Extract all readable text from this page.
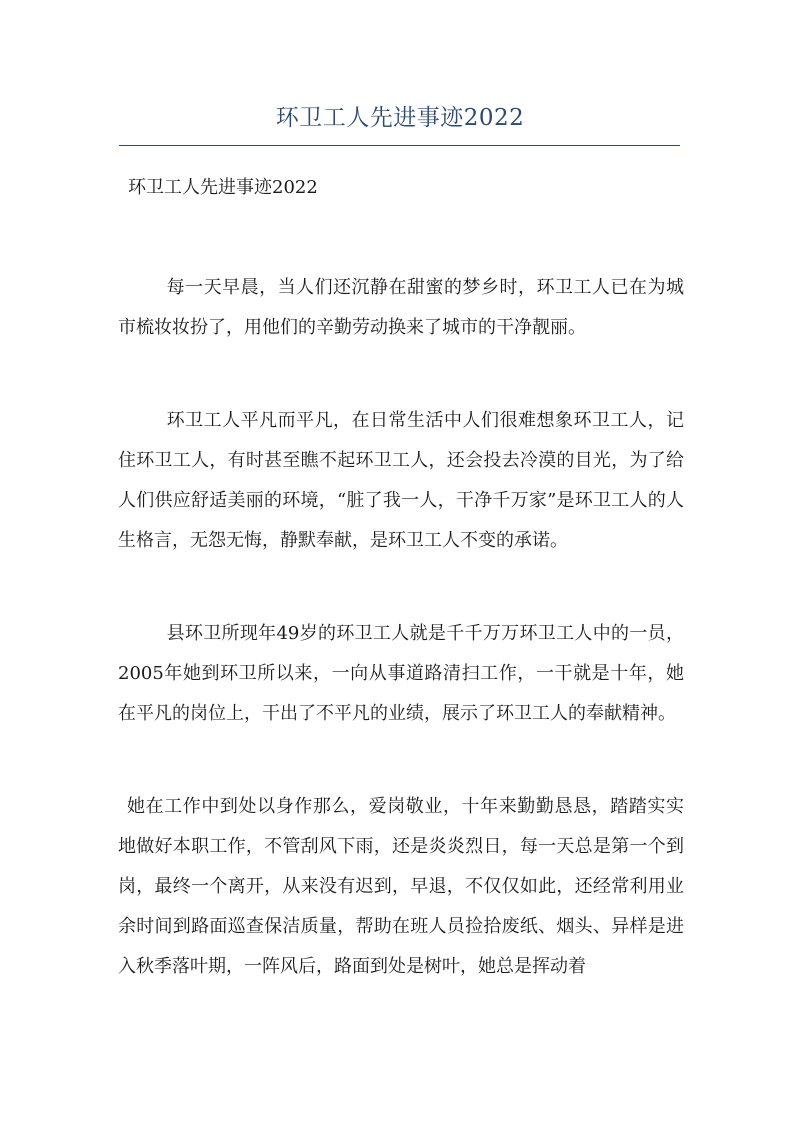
环卫工人先进事迹2022

环卫工人先进事迹2022

每一天早晨，当人们还沉静在甜蜜的梦乡时，环卫工人已在为城市梳妆妆扮了，用他们的辛勤劳动换来了城市的干净靓丽。

环卫工人平凡而平凡，在日常生活中人们很难想象环卫工人，记住环卫工人，有时甚至瞧不起环卫工人，还会投去冷漠的目光，为了给人们供应舒适美丽的环境，“脏了我一人，干净千万家”是环卫工人的人生格言，无怨无悔，静默奉献，是环卫工人不变的承诺。

县环卫所现年49岁的环卫工人就是千千万万环卫工人中的一员，2005年她到环卫所以来，一向从事道路清扫工作，一干就是十年，她在平凡的岗位上，干出了不平凡的业绩，展示了环卫工人的奉献精神。

她在工作中到处以身作那么，爱岗敬业，十年来勤勤恳恳，踏踏实实地做好本职工作，不管刮风下雨，还是炎炎烈日，每一天总是第一个到岗，最终一个离开，从来没有迟到，早退，不仅仅如此，还经常利用业余时间到路面巡查保洁质量，帮助在班人员捡拾废纸、烟头、异样是进入秋季落叶期，一阵风后，路面到处是树叶，她总是挥动着
